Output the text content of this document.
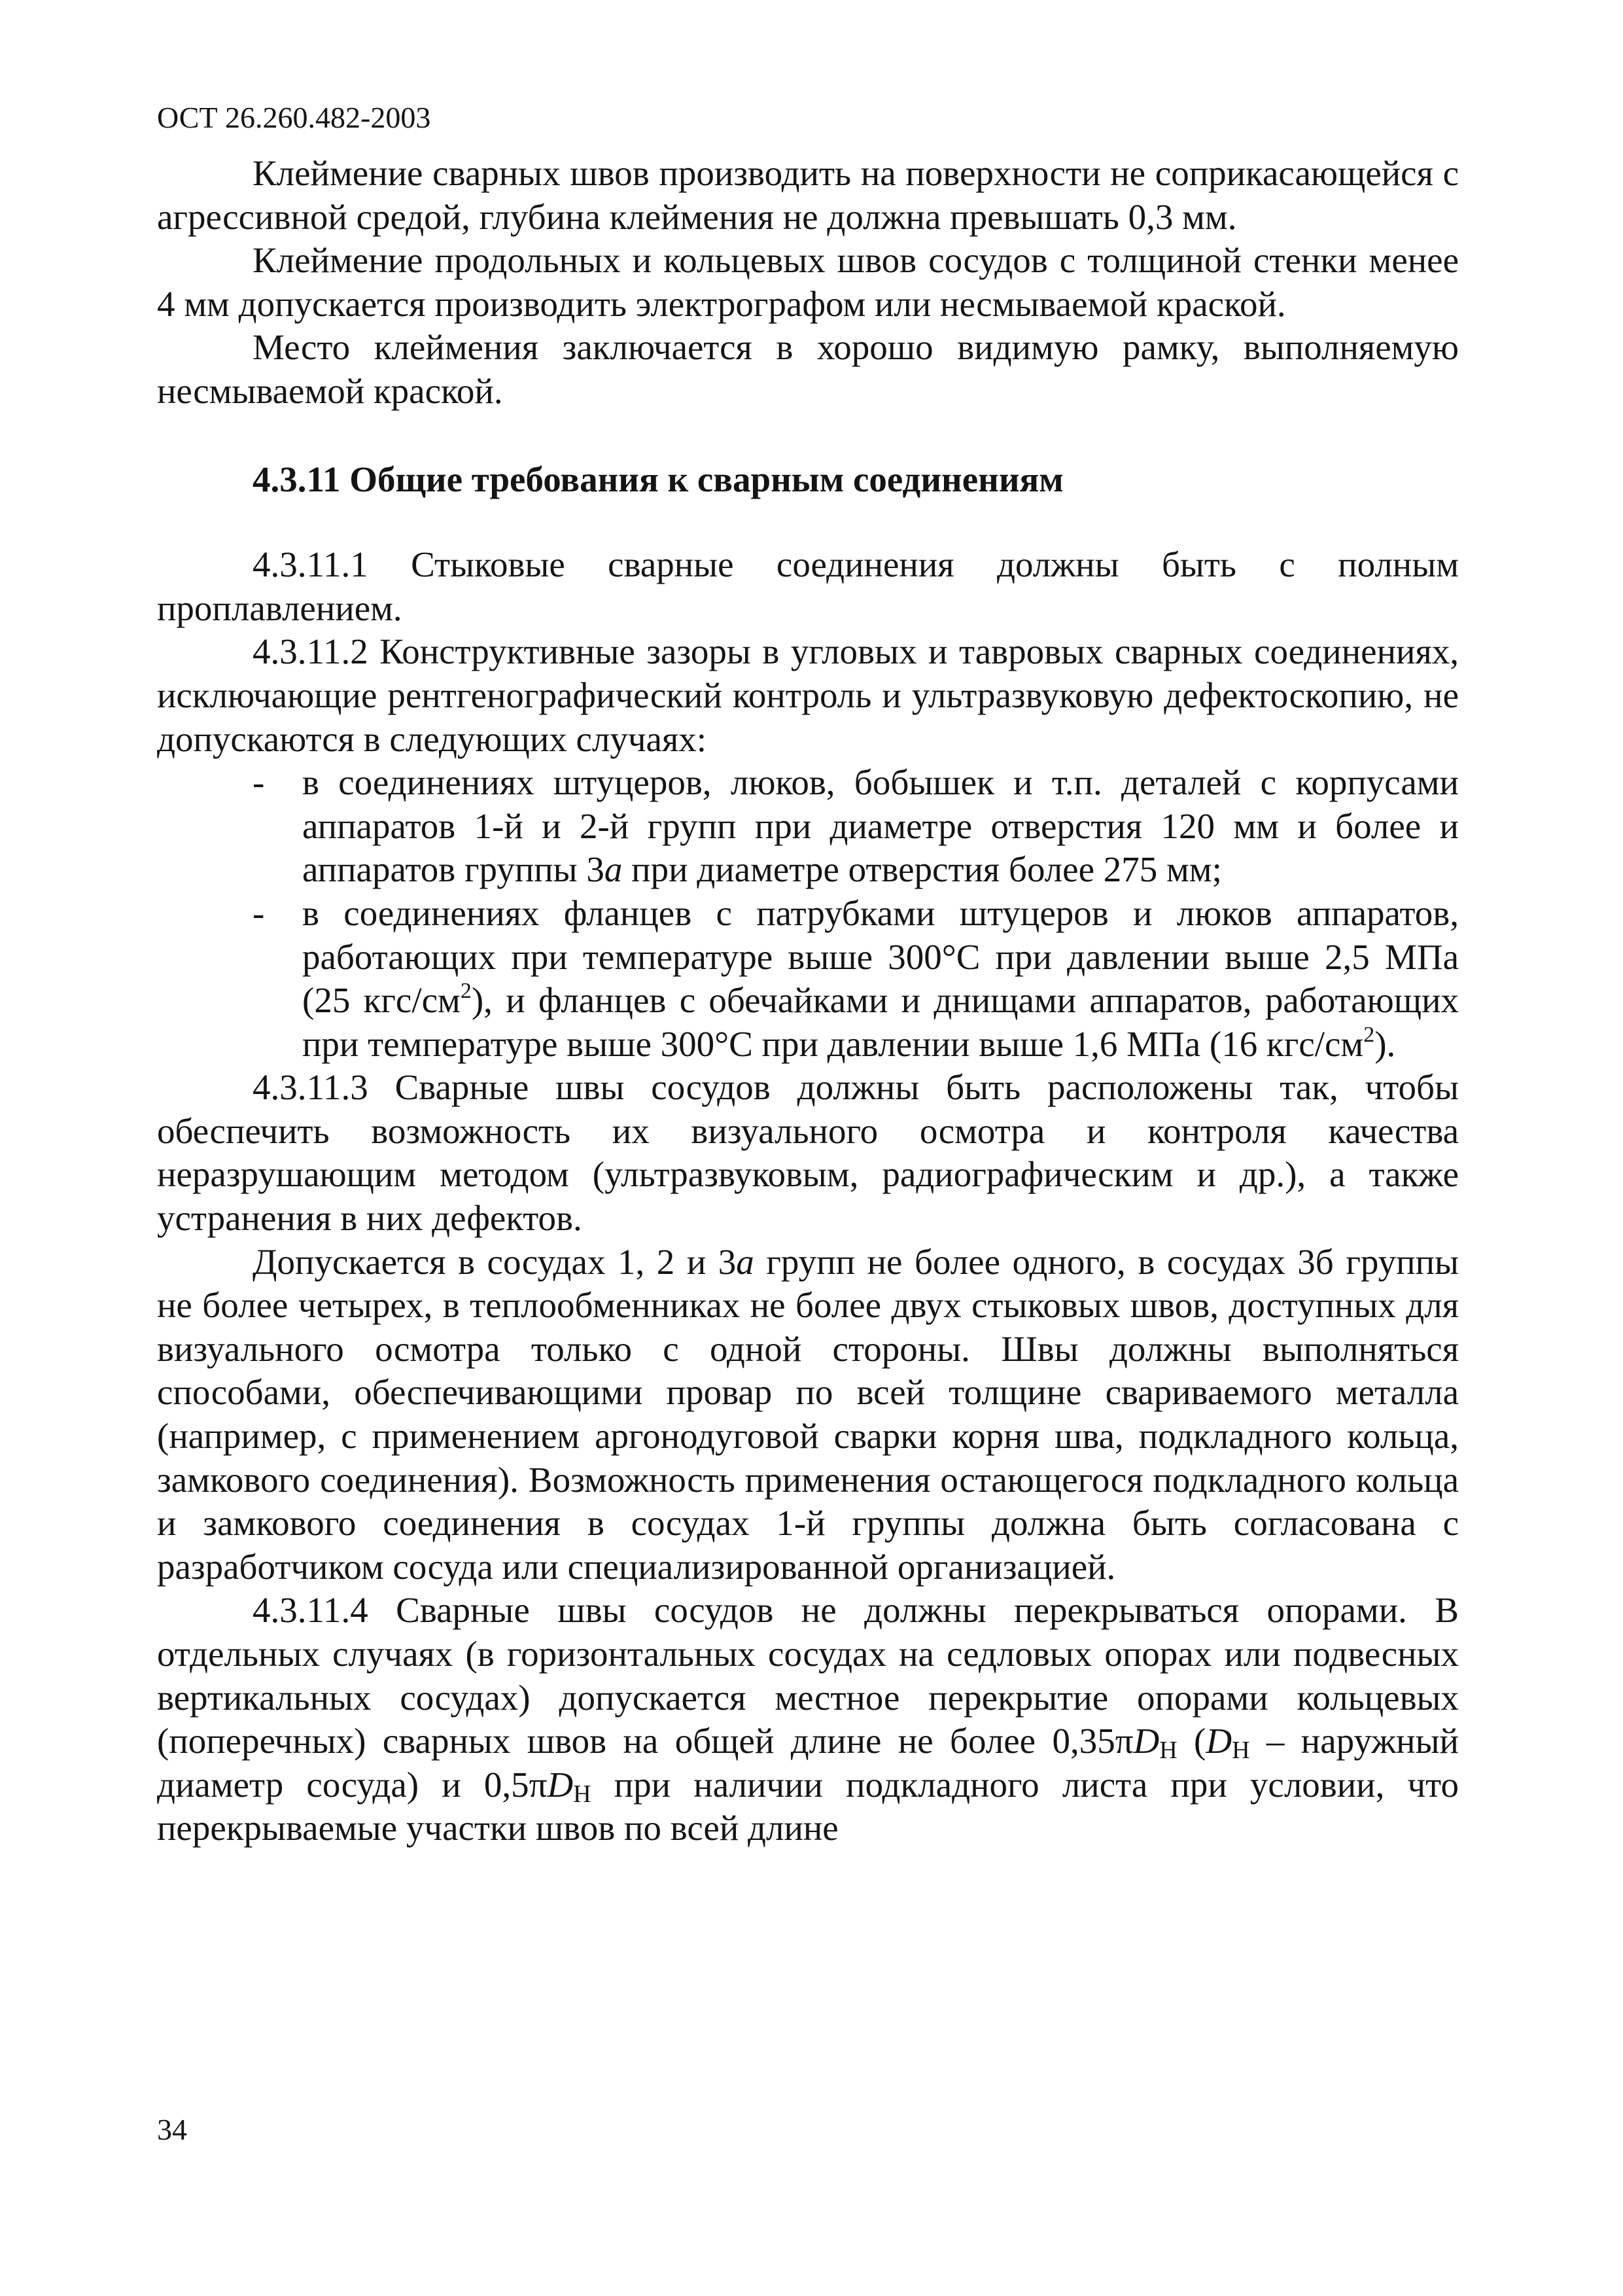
ОСТ 26.260.482-2003

Клеймение сварных швов производить на поверхности не соприкасающейся с агрессивной средой, глубина клеймения не должна превышать 0,3 мм.

Клеймение продольных и кольцевых швов сосудов с толщиной стенки менее 4 мм допускается производить электрографом или несмываемой краской.

Место клеймения заключается в хорошо видимую рамку, выполняемую несмываемой краской.

4.3.11 Общие требования к сварным соединениям

4.3.11.1 Стыковые сварные соединения должны быть с полным проплавлением.

4.3.11.2 Конструктивные зазоры в угловых и тавровых сварных соединениях, исключающие рентгенографический контроль и ультразвуковую дефектоскопию, не допускаются в следующих случаях:

- в соединениях штуцеров, люков, бобышек и т.п. деталей с корпусами аппаратов 1-й и 2-й групп при диаметре отверстия 120 мм и более и аппаратов группы 3а при диаметре отверстия более 275 мм;
- в соединениях фланцев с патрубками штуцеров и люков аппаратов, работающих при температуре выше 300°С при давлении выше 2,5 МПа (25 кгс/$см^2$), и фланцев с обечайками и днищами аппаратов, работающих при температуре выше 300°С при давлении выше 1,6 МПа (16 кгс/$см^2$).

4.3.11.3 Сварные швы сосудов должны быть расположены так, чтобы обеспечить возможность их визуального осмотра и контроля качества неразрушающим методом (ультразвуковым, радиографическим и др.), а также устранения в них дефектов.

Допускается в сосудах 1, 2 и 3а групп не более одного, в сосудах 3б группы не более четырех, в теплообменниках не более двух стыковых швов, доступных для визуального осмотра только с одной стороны. Швы должны выполняться способами, обеспечивающими провар по всей толщине свариваемого металла (например, с применением аргонодуговой сварки корня шва, подкладного кольца, замкового соединения). Возможность применения остающегося подкладного кольца и замкового соединения в сосудах 1-й группы должна быть согласована с разработчиком сосуда или специализированной организацией.

4.3.11.4 Сварные швы сосудов не должны перекрываться опорами. В отдельных случаях (в горизонтальных сосудах на седловых опорах или подвесных вертикальных сосудах) допускается местное перекрытие опорами кольцевых (поперечных) сварных швов на общей длине не более $0,35\pi D_Н$ ($D_Н$ – наружный диаметр сосуда) и $0,5\pi D_Н$ при наличии подкладного листа при условии, что перекрываемые участки швов по всей длине

34
